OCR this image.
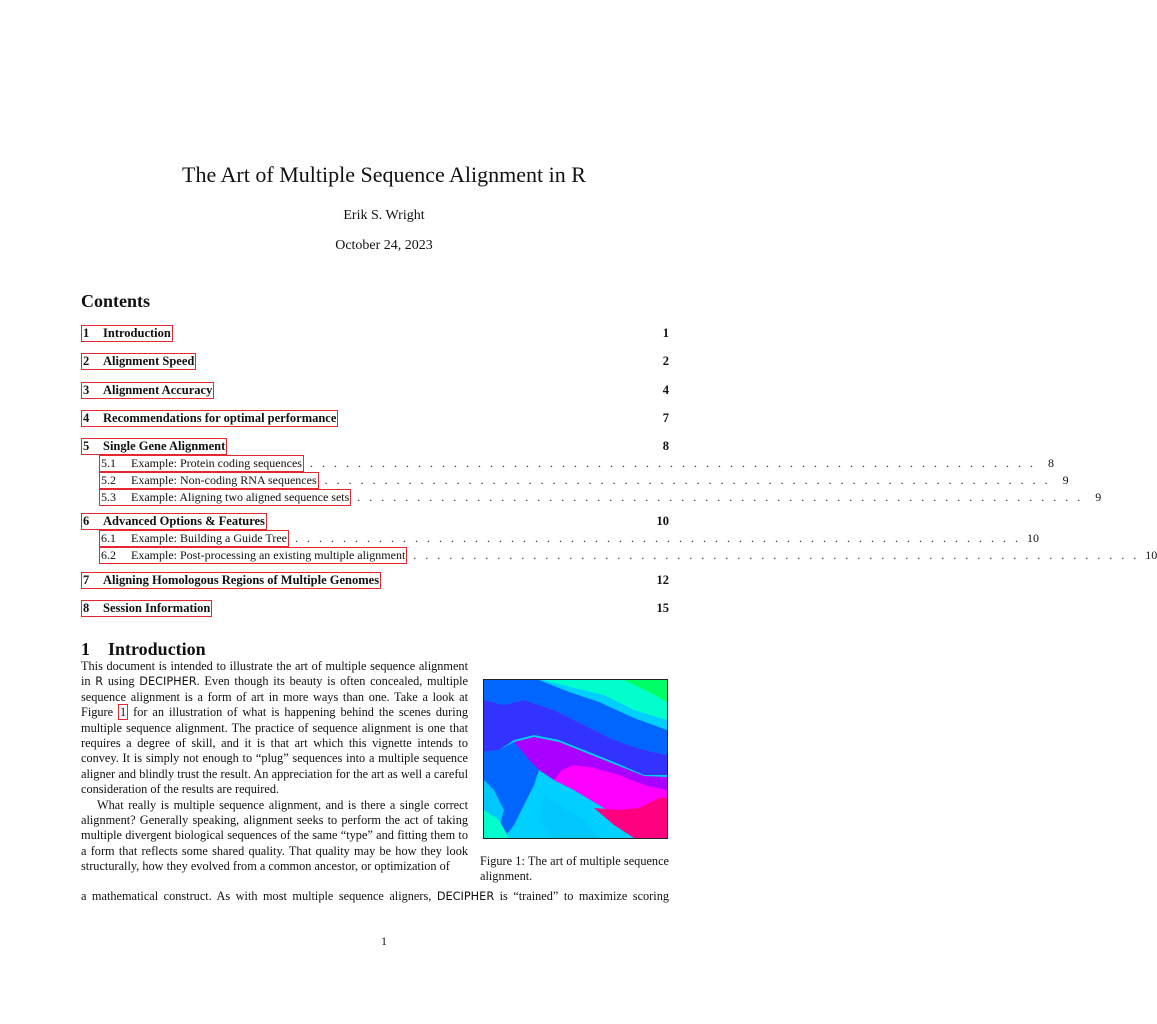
The Art of Multiple Sequence Alignment in R
Erik S. Wright
October 24, 2023
Contents
1	Introduction	1
2	Alignment Speed	2
3	Alignment Accuracy	4
4	Recommendations for optimal performance	7
5	Single Gene Alignment	8
5.1	Example: Protein coding sequences . . . . . . . . . . . . . . . . . . . . . . . . . . . . . . . . . . . . . . . . . . . . . . . . . . . . . . . . . . . . .	8
5.2	Example: Non-coding RNA sequences . . . . . . . . . . . . . . . . . . . . . . . . . . . . . . . . . . . . . . . . . . . . . . . . . . . . . . . . . . . . .	9
5.3	Example: Aligning two aligned sequence sets . . . . . . . . . . . . . . . . . . . . . . . . . . . . . . . . . . . . . . . . . . . . . . . . . . . . . . . . . . . . .	9
6	Advanced Options & Features	10
6.1	Example: Building a Guide Tree . . . . . . . . . . . . . . . . . . . . . . . . . . . . . . . . . . . . . . . . . . . . . . . . . . . . . . . . . . . . . 10
6.2	Example: Post-processing an existing multiple alignment . . . . . . . . . . . . . . . . . . . . . . . . . . . . . . . . . . . . . . . . . . . . . . . . . . . . . . . . . . . . . 10
7	Aligning Homologous Regions of Multiple Genomes	12
8	Session Information	15
1 Introduction

This document is intended to illustrate the art of multiple sequence alignment in R using DECIPHER. Even though its beauty is often concealed, multiple sequence alignment is a form of art in more ways than one. Take a look at Figure 1 for an illustration of what is happening behind the scenes during multiple sequence alignment. The practice of sequence alignment is one that requires a degree of skill, and it is that art which this vignette intends to convey. It is simply not enough to “plug” sequences into a multiple sequence aligner and blindly trust the result. An appreciation for the art as well a careful consideration of the results are required.

What really is multiple sequence alignment, and is there a single correct alignment? Generally speaking, alignment seeks to perform the act of taking multiple divergent biological sequences of the same “type” and fitting them to a form that reflects some shared quality. That quality may be how they look structurally, how they evolved from a common ancestor, or optimization of

a mathematical construct. As with most multiple sequence aligners, DECIPHER is “trained” to maximize scoring
Figure 1: The art of multiple sequence alignment.
1
